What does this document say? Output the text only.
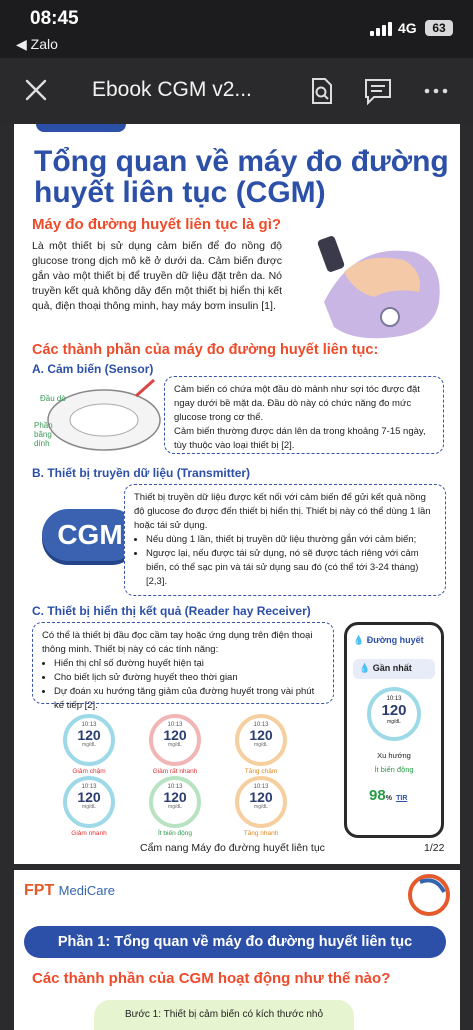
08:45
◀ Zalo
4G	63
Ebook CGM v2...
Tổng quan về máy đo đường huyết liên tục (CGM)
Máy đo đường huyết liên tục là gì?
Là một thiết bị sử dụng cảm biến để đo nồng độ glucose trong dịch mô kẽ ở dưới da. Cảm biến được gắn vào một thiết bị để truyền dữ liệu đặt trên da. Nó truyền kết quả không dây đến một thiết bị hiển thị kết quả, điện thoại thông minh, hay máy bơm insulin [1].
Các thành phần của máy đo đường huyết liên tục:
A. Cảm biến (Sensor)
Đầu dò
Phần băng dính
Cảm biến có chứa một đầu dò mảnh như sợi tóc được đặt ngay dưới bề mặt da. Đầu dò này có chức năng đo mức glucose trong cơ thể.
Cảm biến thường được dán lên da trong khoảng 7-15 ngày, tùy thuộc vào loại thiết bị [2].
B. Thiết bị truyền dữ liệu (Transmitter)
CGM
Thiết bị truyền dữ liệu được kết nối với cảm biến để gửi kết quả nồng độ glucose đo được đến thiết bị hiển thị. Thiết bị này có thể dùng 1 lần hoặc tái sử dụng.
• Nếu dùng 1 lần, thiết bị truyền dữ liệu thường gắn với cảm biến;
• Ngược lại, nếu được tái sử dụng, nó sẽ được tách riêng với cảm biến, có thể sạc pin và tái sử dụng sau đó (có thể tới 3-24 tháng) [2,3].
C. Thiết bị hiển thị kết quả (Reader hay Receiver)
Có thể là thiết bị đầu đọc cầm tay hoặc ứng dụng trên điện thoại thông minh. Thiết bị này có các tính năng:
• Hiển thị chỉ số đường huyết hiện tại
• Cho biết lịch sử đường huyết theo thời gian
• Dự đoán xu hướng tăng giảm của đường huyết trong vài phút kế tiếp [2].
10:13
120
mg/dL
Giảm chậm
10:13
120
mg/dL
Giảm rất nhanh
10:13
120
mg/dL
Tăng chậm
10:13
120
mg/dL
Giảm nhanh
10:13
120
mg/dL
Ít biến động
10:13
120
mg/dL
Tăng nhanh
💧 Đường huyết
💧 Gần nhất
10:13
120
mg/dL
Xu hướng
Ít biến động
98% TIR
Cẩm nang Máy đo đường huyết liên tục	1/22
FPT MediCare
Phần 1: Tổng quan về máy đo đường huyết liên tục
Các thành phần của CGM hoạt động như thế nào?
Bước 1: Thiết bị cảm biến có kích thước nhỏ
